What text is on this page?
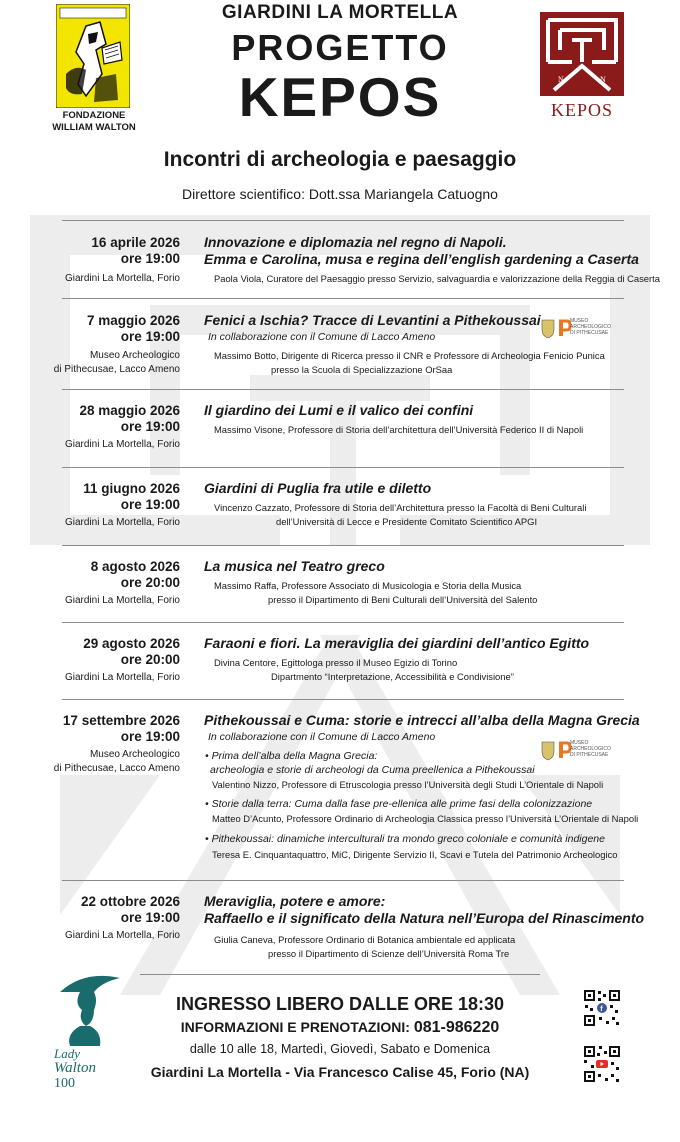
FONDAZIONE
WILLIAM WALTON
GIARDINI LA MORTELLA
PROGETTO
KEPOS	N	N
KEPOS
Incontri di archeologia e paesaggio
Direttore scientifico: Dott.ssa Mariangela Catuogno
16 aprile 2026
ore 19:00
Giardini La Mortella, Forio
Innovazione e diplomazia nel regno di Napoli.
Emma e Carolina, musa e regina dell’english gardening a Caserta
Paola Viola, Curatore del Paesaggio presso Servizio, salvaguardia e valorizzazione della Reggia di Caserta
7 maggio 2026
ore 19:00
Museo Archeologico
di Pithecusae, Lacco Ameno
Fenici a Ischia? Tracce di Levantini a Pithekoussai
In collaborazione con il Comune di Lacco Ameno
Massimo Botto, Dirigente di Ricerca presso il CNR e Professore di Archeologia Fenicio Punica
presso la Scuola di Specializzazione OrSaa
MUSEO
ARCHEOLOGICO
DI PITHECUSAE
28 maggio 2026
ore 19:00
Giardini La Mortella, Forio
Il giardino dei Lumi e il valico dei confini
Massimo Visone, Professore di Storia dell’architettura dell’Università Federico II di Napoli
11 giugno 2026
ore 19:00
Giardini La Mortella, Forio
Giardini di Puglia fra utile e diletto
Vincenzo Cazzato, Professore di Storia dell’Architettura presso la Facoltà di Beni Culturali
dell’Università di Lecce e Presidente Comitato Scientifico APGI
8 agosto 2026
ore 20:00
Giardini La Mortella, Forio
La musica nel Teatro greco
Massimo Raffa, Professore Associato di Musicologia e Storia della Musica
presso il Dipartimento di Beni Culturali dell’Università del Salento
29 agosto 2026
ore 20:00
Giardini La Mortella, Forio
Faraoni e fiori. La meraviglia dei giardini dell’antico Egitto
Divina Centore, Egittologa presso il Museo Egizio di Torino
Dipartmento “Interpretazione, Accessibilità e Condivisione”
17 settembre 2026
ore 19:00
Museo Archeologico
di Pithecusae, Lacco Ameno
Pithekoussai e Cuma: storie e intrecci all’alba della Magna Grecia
In collaborazione con il Comune di Lacco Ameno	MUSEO
ARCHEOLOGICO
DI PITHECUSAE
• Prima dell’alba della Magna Grecia:
archeologia e storie di archeologi da Cuma preellenica a Pithekoussai
Valentino Nizzo, Professore di Etruscologia presso l’Università degli Studi L’Orientale di Napoli
• Storie dalla terra: Cuma dalla fase pre-ellenica alle prime fasi della colonizzazione
Matteo D’Acunto, Professore Ordinario di Archeologia Classica presso l’Università L’Orientale di Napoli
• Pithekoussai: dinamiche interculturali tra mondo greco coloniale e comunità indigene
Teresa E. Cinquantaquattro, MiC, Dirigente Servizio II, Scavi e Tutela del Patrimonio Archeologico
22 ottobre 2026
ore 19:00
Giardini La Mortella, Forio
Meraviglia, potere e amore:
Raffaello e il significato della Natura nell’Europa del Rinascimento
Giulia Caneva, Professore Ordinario di Botanica ambientale ed applicata
presso il Dipartimento di Scienze dell’Università Roma Tre
Lady
Walton
100
INGRESSO LIBERO DALLE ORE 18:30
INFORMAZIONI E PRENOTAZIONI: 081-986220
dalle 10 alle 18, Martedì, Giovedì, Sabato e Domenica
Giardini La Mortella - Via Francesco Calise 45, Forio (NA)
f
